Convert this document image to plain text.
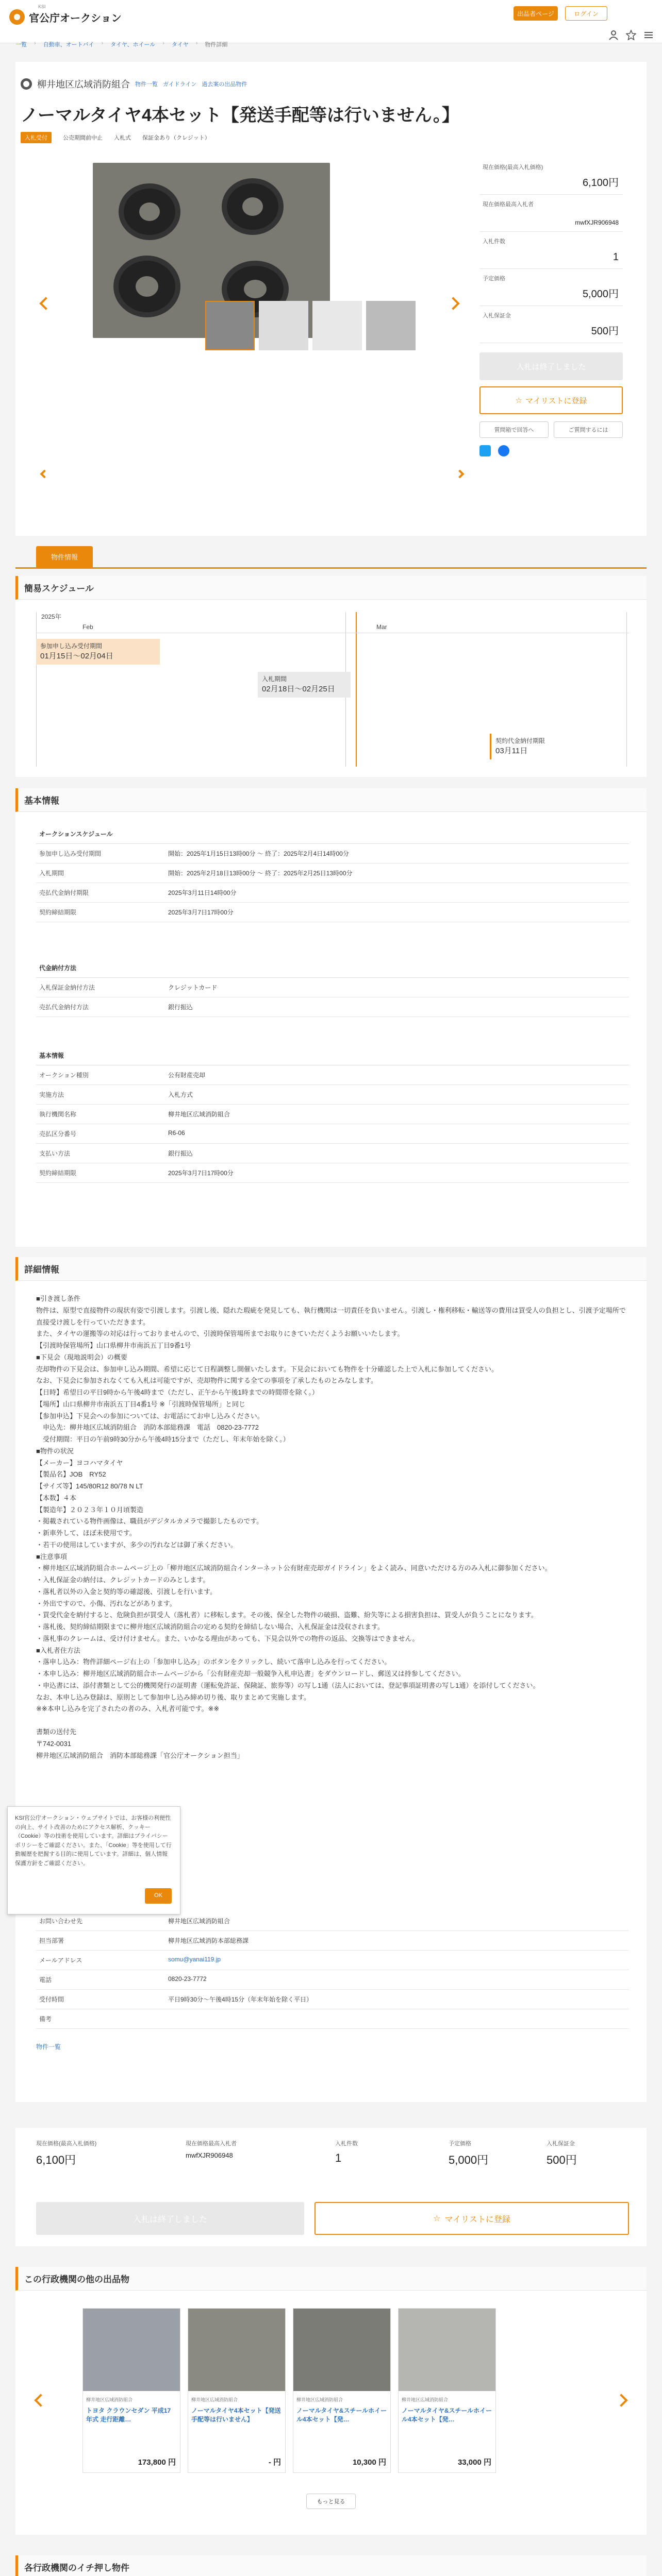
官公庁オークション
KSI
出品者ページ	ログイン
一覧 › 自動車、オートバイ › タイヤ、ホイール › タイヤ › 物件詳細
柳井地区広域消防組合 物件一覧 ガイドライン 過去案の出品物件
ノーマルタイヤ4本セット【発送手配等は行いません。】
入札受付	公売期間前中止 入札式 保証金あり（クレジット）
現在価格(最高入札価格)
6,100円
現在価格最高入札者
mwfXJR906948
入札件数
1
予定価格
5,000円
入札保証金
500円
入札は終了しました
☆ マイリストに登録
質問箱で回答へ	ご質問するには
物件情報
簡易スケジュール
2025年
Feb	Mar
参加申し込み受付期間
01月15日～02月04日
入札期間
02月18日～02月25日
契約代金納付期限
03月11日
基本情報
オークションスケジュール
参加申し込み受付期間	開始：2025年1月15日13時00分 ～ 終了：2025年2月4日14時00分
入札期間	開始：2025年2月18日13時00分 ～ 終了：2025年2月25日13時00分
売払代金納付期限	2025年3月11日14時00分
契約締結期限	2025年3月7日17時00分
代金納付方法
入札保証金納付方法	クレジットカード
売払代金納付方法	銀行振込
基本情報
オークション種別	公有財産売却
実施方法	入札方式
執行機関名称	柳井地区広域消防組合
売払区分番号	R6-06
支払い方法	銀行振込
契約締結期限	2025年3月7日17時00分
詳細情報
■引き渡し条件
物件は、原型で直接物件の現状有姿で引渡します。引渡し後、隠れた瑕疵を発見しても、執行機関は一切責任を負いません。引渡し・権利移転・輸送等の費用は買受人の負担とし、引渡予定場所で直接受け渡しを行っていただきます。
また、タイヤの運搬等の対応は行っておりませんので、引渡時保管場所までお取りにきていただくようお願いいたします。
【引渡時保管場所】山口県柳井市南浜五丁目9番1号
■下見会（現地説明会）の概要
売却物件の下見会は、参加申し込み期間、希望に応じて日程調整し開催いたします。下見会においても物件を十分確認した上で入札に参加してください。
なお、下見会に参加されなくても入札は可能ですが、売却物件に関する全ての事項を了承したものとみなします。
【日時】希望日の平日9時から午後4時まで（ただし、正午から午後1時までの時間帯を除く。）
【場所】山口県柳井市南浜五丁目4番1号 ※「引渡時保管場所」と同じ
【参加申込】下見会への参加については、お電話にてお申し込みください。
　申込先：柳井地区広域消防組合　消防本部総務課　電話　0820-23-7772
　受付期間：平日の午前9時30分から午後4時15分まで（ただし、年末年始を除く。）
■物件の状況
【メーカー】ヨコハマタイヤ
【製品名】JOB　RY52
【サイズ等】145/80R12 80/78 N LT
【本数】４本
【製造年】２０２３年１０月頃製造
・掲載されている物件画像は、職員がデジタルカメラで撮影したものです。
・新車外して、ほぼ未使用です。
・若干の使用はしていますが、多少の汚れなどは御了承ください。
■注意事項
・柳井地区広域消防組合ホームページ上の「柳井地区広域消防組合インターネット公有財産売却ガイドライン」をよく読み、同意いただける方のみ入札に御参加ください。
・入札保証金の納付は、クレジットカードのみとします。
・落札者以外の入金と契約等の確認後、引渡しを行います。
・外出ですので、小傷、汚れなどがあります。
・買受代金を納付すると、危険負担が買受人（落札者）に移転します。その後、保全した物件の破損、盗難、紛失等による損害負担は、買受人が負うことになります。
・落札後、契約締結期限までに柳井地区広域消防組合の定める契約を締結しない場合、入札保証金は没収されます。
・落札事のクレームは、受け付けません。また、いかなる理由があっても、下見会以外での物件の返品、交換等はできません。
■入札者住方法
・落申し込み：物件詳細ページ右上の「参加申し込み」のボタンをクリックし、続いて落申し込みを行ってください。
・本申し込み：柳井地区広域消防組合ホームページから「公有財産売却一般競争入札申込書」をダウンロードし、郵送又は持参してください。
・申込書には、添付書類として公的機関発行の証明書（運転免許証、保険証、旅券等）の写し1通（法人においては、登記事項証明書の写し1通）を添付してください。
なお、本申し込み登録は、原則として参加申し込み締め切り後、取りまとめて実施します。
※※本申し込みを完了されたの者のみ、入札者可能です。※※
書類の送付先
〒742-0031
柳井地区広域消防組合　消防本部総務課「官公庁オークション担当」
お問い合わせ先	柳井地区広域消防組合
担当部署	柳井地区広域消防本部総務課
メールアドレス	somu@yanai119.jp
電話	0820-23-7772
受付時間	平日9時30分～午後4時15分（年末年始を除く平日）
備考
物件一覧
KSI官公庁オークション・ウェブサイトでは、お客様の利便性の向上、サイト改善のためにアクセス解析、クッキー（Cookie）等の技術を使用しています。詳細はプライバシーポリシーをご確認ください。また、「Cookie」等を使用して行動履歴を把握する目的に使用しています。詳細は、個人情報保護方針をご確認ください。
OK
現在価格(最高入札価格)
6,100円
現在価格最高入札者
mwfXJR906948
入札件数
1
予定価格
5,000円
入札保証金
500円
入札は終了しました	☆ マイリストに登録
この行政機関の他の出品物
柳井地区広域消防組合
トヨタ クラウンセダン 平成17年式 走行距離…
173,800 円
柳井地区広域消防組合
ノーマルタイヤ4本セット【発送手配等は行いません】
- 円
柳井地区広域消防組合
ノーマルタイヤ&スチールホイール4本セット【発…
10,300 円
柳井地区広域消防組合
ノーマルタイヤ&スチールホイール4本セット【発…
33,000 円
もっと見る
各行政機関のイチ押し物件
